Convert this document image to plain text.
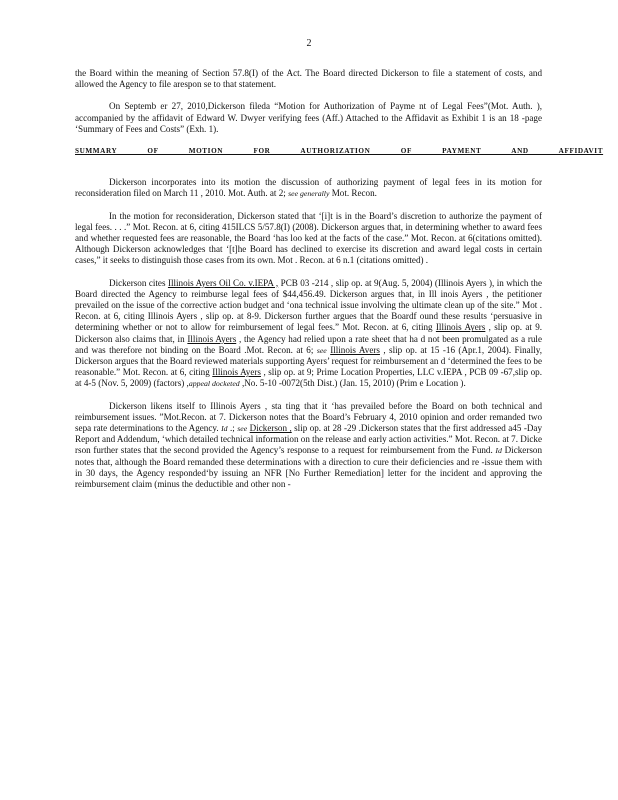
2

the Board within the meaning of Section 57.8(I) of the Act. The Board directed Dickerson to file a statement of costs, and allowed the Agency to file arespon se to that statement.

On Septemb er 27, 2010,Dickerson fileda “Motion for Authorization of Payme nt of Legal Fees”(Mot. Auth. ), accompanied by the affidavit of Edward W. Dwyer verifying fees (Aff.) Attached to the Affidavit as Exhibit 1 is an 18 -page ‘Summary of Fees and Costs” (Exh. 1).

SUMMARY OF MOTION FOR AUTHORIZATION OF PAYMENT AND AFFIDAVIT

Dickerson incorporates into its motion the discussion of authorizing payment of legal fees in its motion for reconsideration filed on March 11 , 2010. Mot. Auth. at 2; see generally Mot. Recon.

In the motion for reconsideration, Dickerson stated that ‘[i]t is in the Board’s discretion to authorize the payment of legal fees. . . .” Mot. Recon. at 6, citing 415ILCS 5/57.8(I) (2008). Dickerson argues that, in determining whether to award fees and whether requested fees are reasonable, the Board ‘has loo ked at the facts of the case.” Mot. Recon. at 6(citations omitted). Although Dickerson acknowledges that ‘[t]he Board has declined to exercise its discretion and award legal costs in certain cases,” it seeks to distinguish those cases from its own. Mot . Recon. at 6 n.1 (citations omitted) .

Dickerson cites Illinois Ayers Oil Co. v.IEPA , PCB 03 -214 , slip op. at 9(Aug. 5, 2004) (Illinois Ayers ), in which the Board directed the Agency to reimburse legal fees of $44,456.49. Dickerson argues that, in Ill inois Ayers , the petitioner prevailed on the issue of the corrective action budget and ‘ona technical issue involving the ultimate clean up of the site.” Mot . Recon. at 6, citing Illinois Ayers , slip op. at 8-9. Dickerson further argues that the Boardf ound these results ‘persuasive in determining whether or not to allow for reimbursement of legal fees.” Mot. Recon. at 6, citing Illinois Ayers , slip op. at 9. Dickerson also claims that, in Illinois Ayers , the Agency had relied upon a rate sheet that ha d not been promulgated as a rule and was therefore not binding on the Board .Mot. Recon. at 6; see Illinois Avers , slip op. at 15 -16 (Apr.1, 2004). Finally, Dickerson argues that the Board reviewed materials supporting Ayers’ request for reimbursement an d ‘determined the fees to be reasonable.” Mot. Recon. at 6, citing Illinois Ayers , slip op. at 9; Prime Location Properties, LLC v.IEPA , PCB 09 -67,slip op. at 4-5 (Nov. 5, 2009) (factors) ,appeal docketed ,No. 5-10 -0072(5th Dist.) (Jan. 15, 2010) (Prim e Location ).

Dickerson likens itself to Illinois Ayers , sta ting that it ‘has prevailed before the Board on both technical and reimbursement issues. ”Mot.Recon. at 7. Dickerson notes that the Board’s February 4, 2010 opinion and order remanded two sepa rate determinations to the Agency. Id .; see Dickerson , slip op. at 28 -29 .Dickerson states that the first addressed a45 -Day Report and Addendum, ‘which detailed technical information on the release and early action activities.” Mot. Recon. at 7. Dicke rson further states that the second provided the Agency’s response to a request for reimbursement from the Fund. Id Dickerson notes that, although the Board remanded these determinations with a direction to cure their deficiencies and re -issue them with in 30 days, the Agency responded‘by issuing an NFR [No Further Remediation] letter for the incident and approving the reimbursement claim (minus the deductible and other non -
